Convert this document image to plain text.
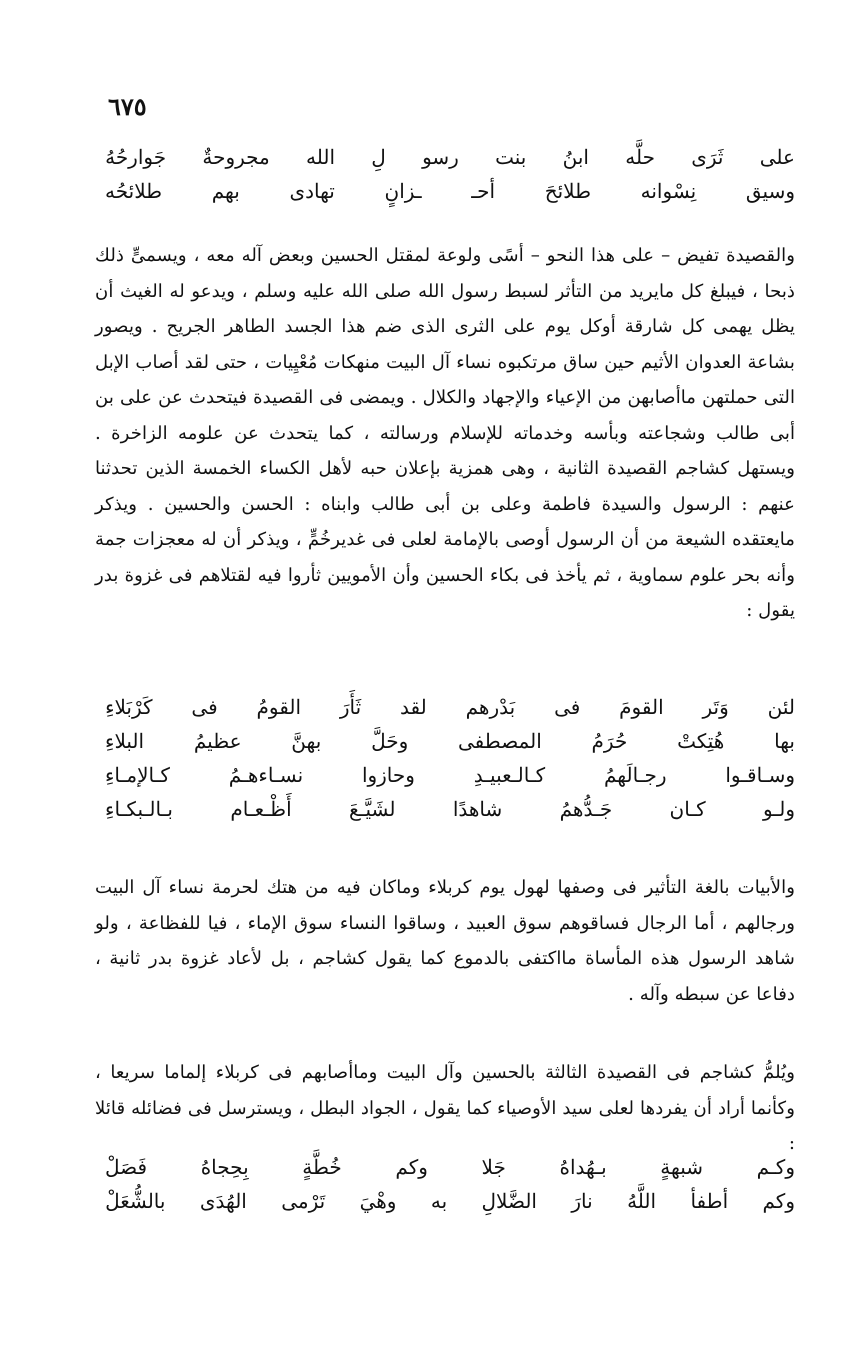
٦٧٥
على
ثَرَى
حلَّه
ابنُ
بنت
رسو
لِ
الله
مجروحةٌ
جَوارحُهُ
وسيق
نِسْوانه
طلائحَ
أحـ
ـزانٍ
تهادى
بهم
طلائحُه

والقصيدة تفيض – على هذا النحو – أسًى ولوعة لمقتل الحسين وبعض آله معه ، ويسمىٍّ ذلك ذبحا ، فيبلغ كل مايريد من التأثر لسبط رسول الله صلى الله عليه وسلم ، ويدعو له الغيث أن يظل يهمى كل شارقة أوكل يوم على الثرى الذى ضم هذا الجسد الطاهر الجريح . ويصور بشاعة العدوان الأثيم حين ساق مرتكبوه نساء آل البيت منهكات مُعْيِيات ، حتى لقد أصاب الإبل التى حملتهن ماأصابهن من الإعياء والإجهاد والكلال . ويمضى فى القصيدة فيتحدث عن على بن أبى طالب وشجاعته وبأسه وخدماته للإسلام ورسالته ، كما يتحدث عن علومه الزاخرة . ويستهل كشاجم القصيدة الثانية ، وهى همزية بإعلان حبه لأهل الكساء الخمسة الذين تحدثنا عنهم : الرسول والسيدة فاطمة وعلى بن أبى طالب وابناه : الحسن والحسين . ويذكر مايعتقده الشيعة من أن الرسول أوصى بالإمامة لعلى فى غديرخُمٍّ ، ويذكر أن له معجزات جمة وأنه بحر علوم سماوية ، ثم يأخذ فى بكاء الحسين وأن الأمويين ثأروا فيه لقتلاهم فى غزوة بدر يقول :

لئن
وَتَر
القومَ
فى
بَدْرهم
لقد
ثَأَرَ
القومُ
فى
كَرْبَلاءِ
بها
هُتِكتْ
حُرَمُ
المصطفى
وحَلَّ
بهنَّ
عظيمُ
البلاءِ
وسـاقـوا
رجـالَهمُ
كـالـعبيـدِ
وحازوا
نسـاءهـمُ
كـالإمـاءِ
ولـو
كـان
جَـدُّهمُ
شاهدًا
لشَيَّـعَ
أَظْـعـام
بـالـبكـاءِ

والأبيات بالغة التأثير فى وصفها لهول يوم كربلاء وماكان فيه من هتك لحرمة نساء آل البيت ورجالهم ، أما الرجال فساقوهم سوق العبيد ، وساقوا النساء سوق الإماء ، فيا للفظاعة ، ولو شاهد الرسول هذه المأساة مااكتفى بالدموع كما يقول كشاجم ، بل لأعاد غزوة بدر ثانية ، دفاعا عن سبطه وآله .

ويُلمُّ كشاجم فى القصيدة الثالثة بالحسين وآل البيت وماأصابهم فى كربلاء إلماما سريعا ، وكأنما أراد أن يفردها لعلى سيد الأوصياء كما يقول ، الجواد البطل ، ويسترسل فى فضائله قائلا :

وكـم
شبهةٍ
بـهُداهُ
جَلا
وكم
خُطَّةٍ
بِحِجاهُ
فَصَلْ
وكم
أطفأ
اللَّهُ
نارَ
الضَّلالِ
به
وهْيَ
تَرْمى
الهُدَى
بالشُّعَلْ
